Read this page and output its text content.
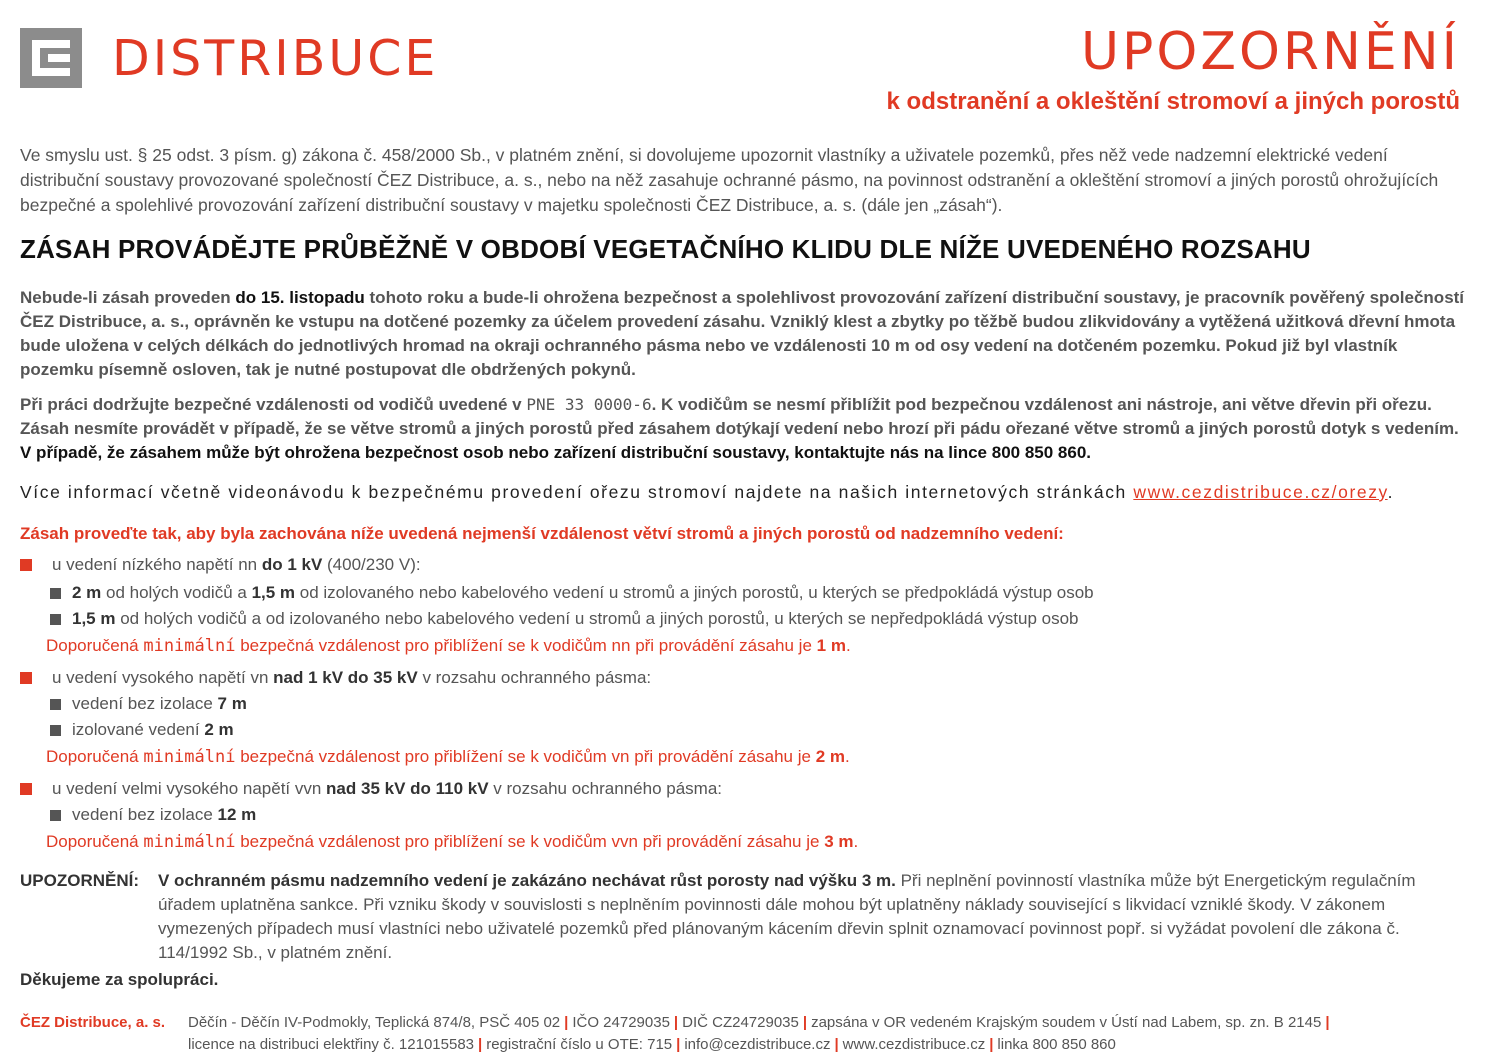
DISTRIBUCE	UPOZORNĚNÍ
k odstranění a okleštění stromoví a jiných porostů

Ve smyslu ust. § 25 odst. 3 písm. g) zákona č. 458/2000 Sb., v platném znění, si dovolujeme upozornit vlastníky a uživatele pozemků, přes něž vede nadzemní elektrické vedení distribuční soustavy provozované společností ČEZ Distribuce, a. s., nebo na něž zasahuje ochranné pásmo, na povinnost odstranění a okleštění stromoví a jiných porostů ohrožujících bezpečné a spolehlivé provozování zařízení distribuční soustavy v majetku společnosti ČEZ Distribuce, a. s. (dále jen „zásah“).

ZÁSAH PROVÁDĚJTE PRŮBĚŽNĚ V OBDOBÍ VEGETAČNÍHO KLIDU DLE NÍŽE UVEDENÉHO ROZSAHU

Nebude-li zásah proveden do 15. listopadu tohoto roku a bude-li ohrožena bezpečnost a spolehlivost provozování zařízení distribuční soustavy, je pracovník pověřený společností ČEZ Distribuce, a. s., oprávněn ke vstupu na dotčené pozemky za účelem provedení zásahu. Vzniklý klest a zbytky po těžbě budou zlikvidovány a vytěžená užitková dřevní hmota bude uložena v celých délkách do jednotlivých hromad na okraji ochranného pásma nebo ve vzdálenosti 10 m od osy vedení na dotčeném pozemku. Pokud již byl vlastník pozemku písemně osloven, tak je nutné postupovat dle obdržených pokynů.

Při práci dodržujte bezpečné vzdálenosti od vodičů uvedené v PNE 33 0000-6. K vodičům se nesmí přiblížit pod bezpečnou vzdálenost ani nástroje, ani větve dřevin při ořezu. Zásah nesmíte provádět v případě, že se větve stromů a jiných porostů před zásahem dotýkají vedení nebo hrozí při pádu ořezané větve stromů a jiných porostů dotyk s vedením. V případě, že zásahem může být ohrožena bezpečnost osob nebo zařízení distribuční soustavy, kontaktujte nás na lince 800 850 860.

Více informací včetně videonávodu k bezpečnému provedení ořezu stromoví najdete na našich internetových stránkách www.cezdistribuce.cz/orezy.

Zásah proveďte tak, aby byla zachována níže uvedená nejmenší vzdálenost větví stromů a jiných porostů od nadzemního vedení:

u vedení nízkého napětí nn do 1 kV (400/230 V):
2 m od holých vodičů a 1,5 m od izolovaného nebo kabelového vedení u stromů a jiných porostů, u kterých se předpokládá výstup osob
1,5 m od holých vodičů a od izolovaného nebo kabelového vedení u stromů a jiných porostů, u kterých se nepředpokládá výstup osob
Doporučená minimální bezpečná vzdálenost pro přiblížení se k vodičům nn při provádění zásahu je 1 m.
u vedení vysokého napětí vn nad 1 kV do 35 kV v rozsahu ochranného pásma:
vedení bez izolace 7 m
izolované vedení 2 m
Doporučená minimální bezpečná vzdálenost pro přiblížení se k vodičům vn při provádění zásahu je 2 m.
u vedení velmi vysokého napětí vvn nad 35 kV do 110 kV v rozsahu ochranného pásma:
vedení bez izolace 12 m
Doporučená minimální bezpečná vzdálenost pro přiblížení se k vodičům vvn při provádění zásahu je 3 m.
UPOZORNĚNÍ: V ochranném pásmu nadzemního vedení je zakázáno nechávat růst porosty nad výšku 3 m. Při neplnění povinností vlastníka může být Energetickým regulačním úřadem uplatněna sankce. Při vzniku škody v souvislosti s neplněním povinnosti dále mohou být uplatněny náklady související s likvidací vzniklé škody. V zákonem vymezených případech musí vlastníci nebo uživatelé pozemků před plánovaným kácením dřevin splnit oznamovací povinnost popř. si vyžádat povolení dle zákona č. 114/1992 Sb., v platném znění.

Děkujeme za spolupráci.

ČEZ Distribuce, a. s. Děčín - Děčín IV-Podmokly, Teplická 874/8, PSČ 405 02 | IČO 24729035 | DIČ CZ24729035 | zapsána v OR vedeném Krajským soudem v Ústí nad Labem, sp. zn. B 2145 |
licence na distribuci elektřiny č. 121015583 | registrační číslo u OTE: 715 | info@cezdistribuce.cz | www.cezdistribuce.cz | linka 800 850 860
